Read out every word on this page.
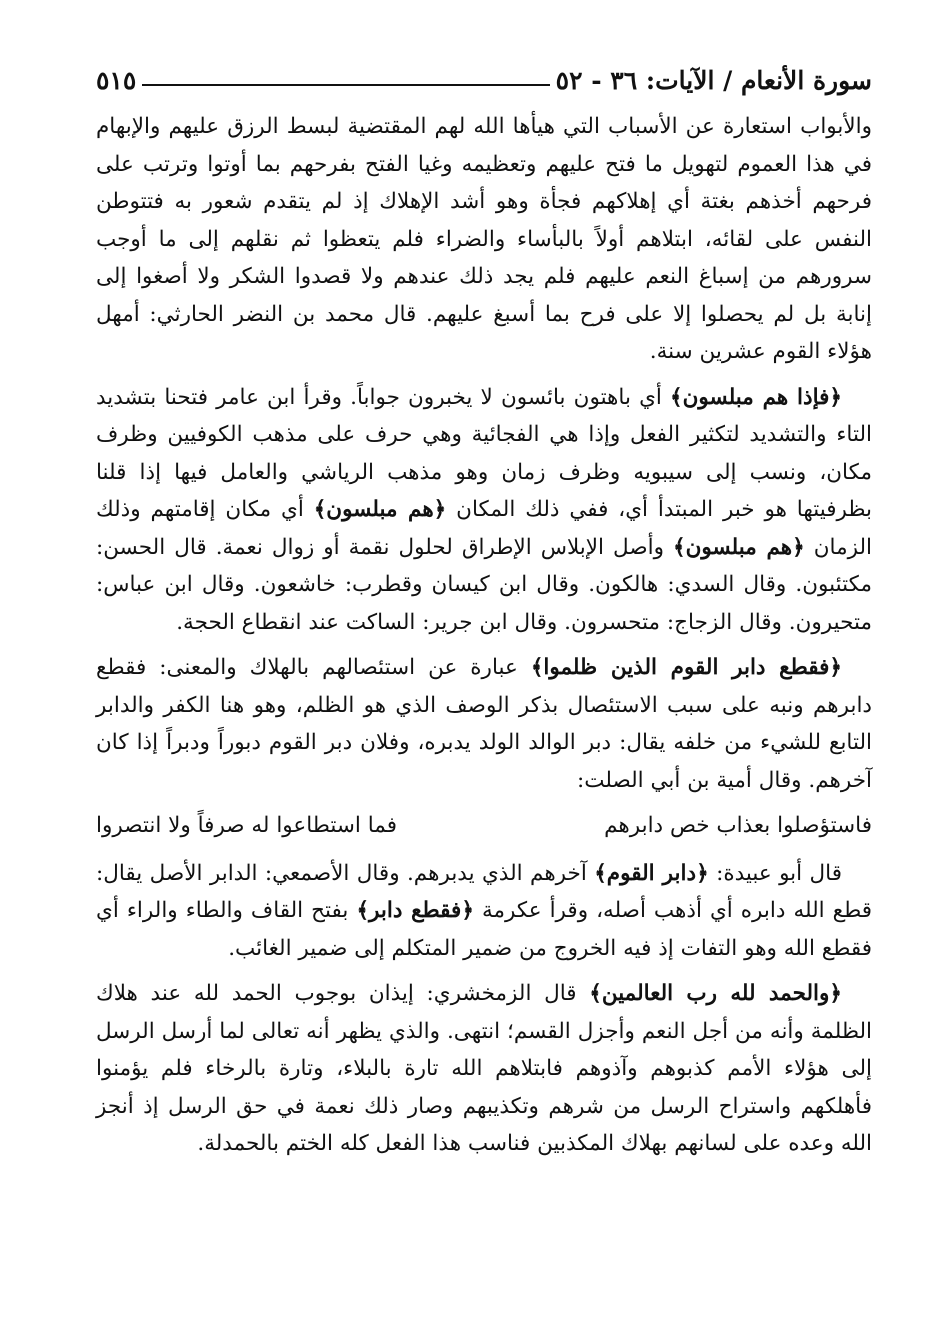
سورة الأنعام / الآيات: ٣٦ - ٥٢
٥١٥

والأبواب استعارة عن الأسباب التي هيأها الله لهم المقتضية لبسط الرزق عليهم والإبهام في هذا العموم لتهويل ما فتح عليهم وتعظيمه وغيا الفتح بفرحهم بما أوتوا وترتب على فرحهم أخذهم بغتة أي إهلاكهم فجأة وهو أشد الإهلاك إذ لم يتقدم شعور به فتتوطن النفس على لقائه، ابتلاهم أولاً بالبأساء والضراء فلم يتعظوا ثم نقلهم إلى ما أوجب سرورهم من إسباغ النعم عليهم فلم يجد ذلك عندهم ولا قصدوا الشكر ولا أصغوا إلى إنابة بل لم يحصلوا إلا على فرح بما أسبغ عليهم. قال محمد بن النضر الحارثي: أمهل هؤلاء القوم عشرين سنة.

﴿فإذا هم مبلسون﴾ أي باهتون بائسون لا يخبرون جواباً. وقرأ ابن عامر فتحنا بتشديد التاء والتشديد لتكثير الفعل وإذا هي الفجائية وهي حرف على مذهب الكوفيين وظرف مكان، ونسب إلى سيبويه وظرف زمان وهو مذهب الرياشي والعامل فيها إذا قلنا بظرفيتها هو خبر المبتدأ أي، ففي ذلك المكان ﴿هم مبلسون﴾ أي مكان إقامتهم وذلك الزمان ﴿هم مبلسون﴾ وأصل الإبلاس الإطراق لحلول نقمة أو زوال نعمة. قال الحسن: مكتئبون. وقال السدي: هالكون. وقال ابن كيسان وقطرب: خاشعون. وقال ابن عباس: متحيرون. وقال الزجاج: متحسرون. وقال ابن جرير: الساكت عند انقطاع الحجة.

﴿فقطع دابر القوم الذين ظلموا﴾ عبارة عن استئصالهم بالهلاك والمعنى: فقطع دابرهم ونبه على سبب الاستئصال بذكر الوصف الذي هو الظلم، وهو هنا الكفر والدابر التابع للشيء من خلفه يقال: دبر الوالد الولد يدبره، وفلان دبر القوم دبوراً ودبراً إذا كان آخرهم. وقال أمية بن أبي الصلت:

فاستؤصلوا بعذاب خص دابرهم
فما استطاعوا له صرفاً ولا انتصروا

قال أبو عبيدة: ﴿دابر القوم﴾ آخرهم الذي يدبرهم. وقال الأصمعي: الدابر الأصل يقال: قطع الله دابره أي أذهب أصله، وقرأ عكرمة ﴿فقطع دابر﴾ بفتح القاف والطاء والراء أي فقطع الله وهو التفات إذ فيه الخروج من ضمير المتكلم إلى ضمير الغائب.

﴿والحمد لله رب العالمين﴾ قال الزمخشري: إيذان بوجوب الحمد لله عند هلاك الظلمة وأنه من أجل النعم وأجزل القسم؛ انتهى. والذي يظهر أنه تعالى لما أرسل الرسل إلى هؤلاء الأمم كذبوهم وآذوهم فابتلاهم الله تارة بالبلاء، وتارة بالرخاء فلم يؤمنوا فأهلكهم واستراح الرسل من شرهم وتكذيبهم وصار ذلك نعمة في حق الرسل إذ أنجز الله وعده على لسانهم بهلاك المكذبين فناسب هذا الفعل كله الختم بالحمدلة.
